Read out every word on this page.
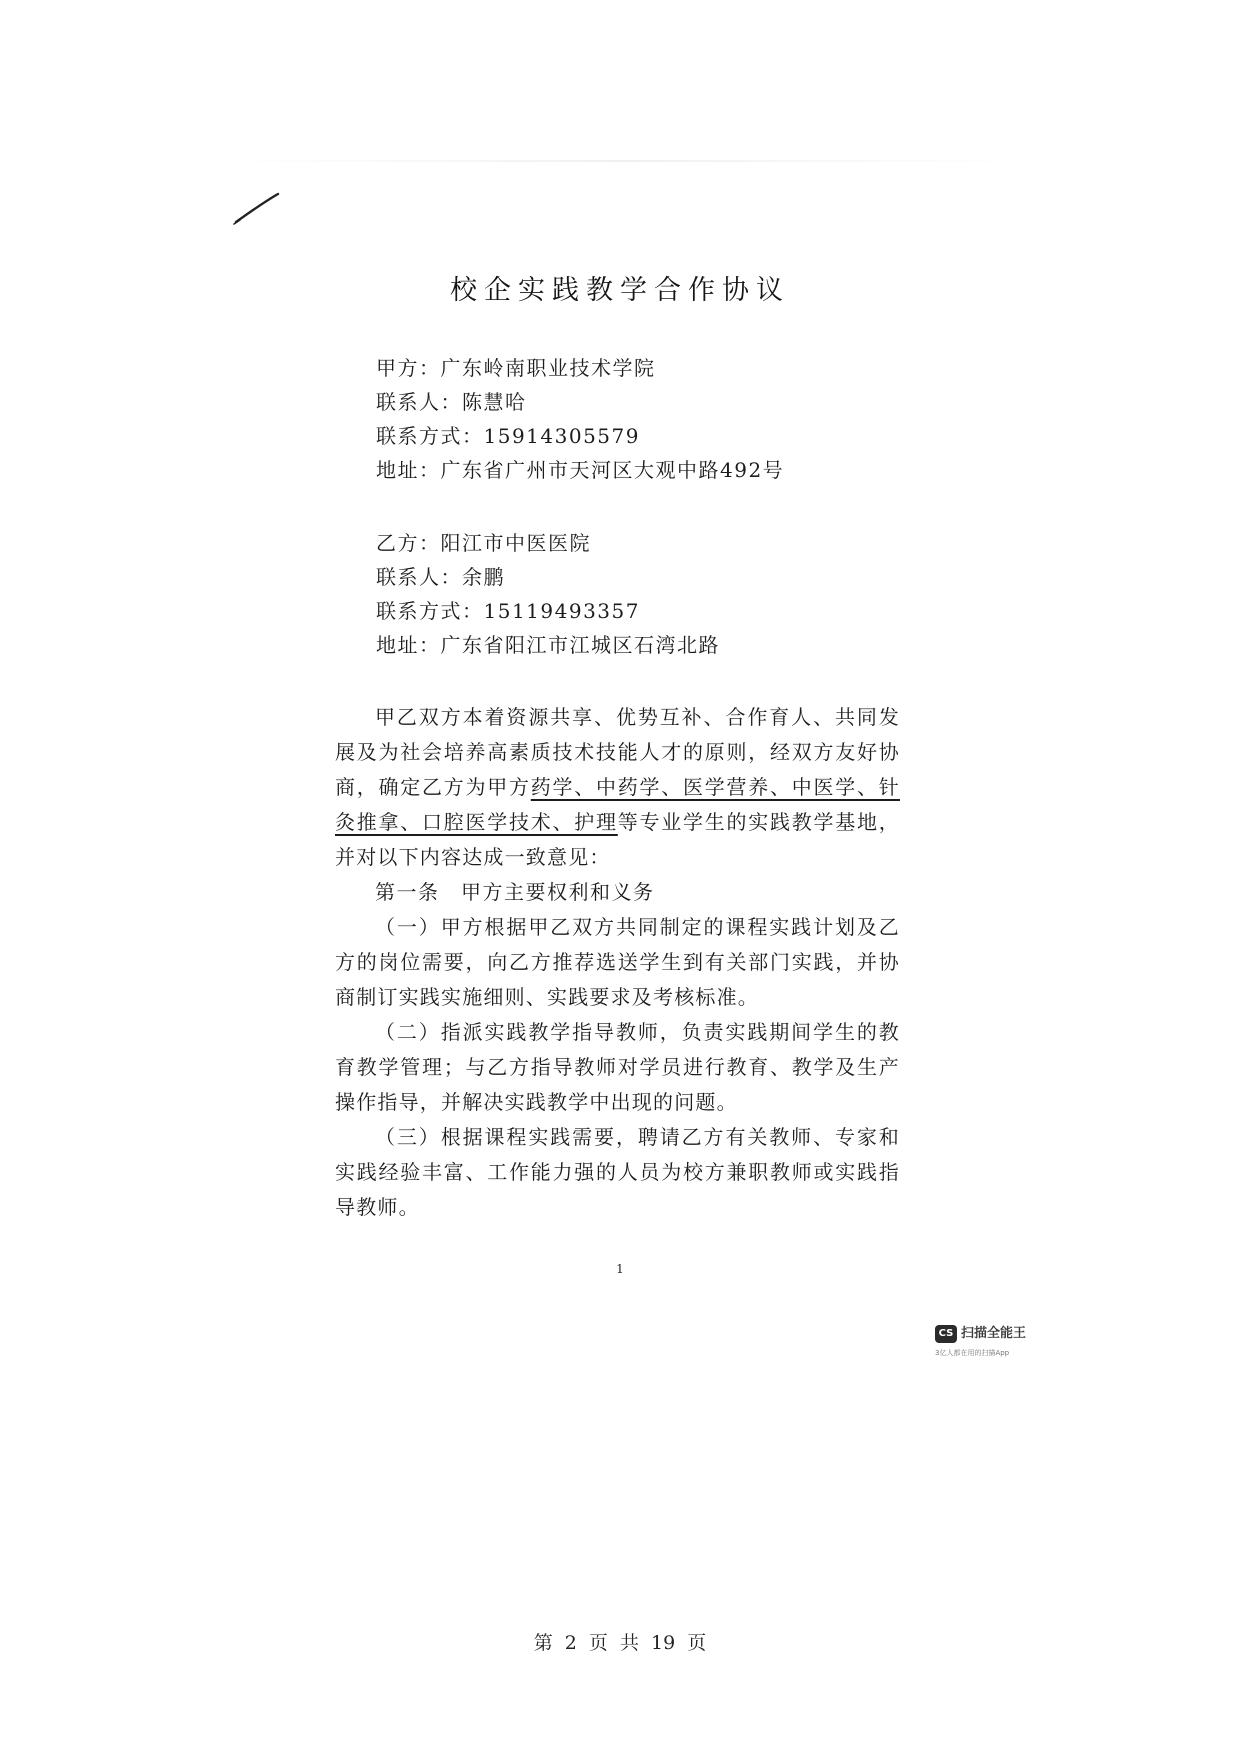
校企实践教学合作协议
甲方：广东岭南职业技术学院
联系人：陈慧哈
联系方式：15914305579
地址：广东省广州市天河区大观中路492号
乙方：阳江市中医医院
联系人：余鹏
联系方式：15119493357
地址：广东省阳江市江城区石湾北路

甲乙双方本着资源共享、优势互补、合作育人、共同发展及为社会培养高素质技术技能人才的原则，经双方友好协商，确定乙方为甲方药学、中药学、医学营养、中医学、针灸推拿、口腔医学技术、护理等专业学生的实践教学基地，并对以下内容达成一致意见：

第一条　甲方主要权利和义务

（一）甲方根据甲乙双方共同制定的课程实践计划及乙方的岗位需要，向乙方推荐选送学生到有关部门实践，并协商制订实践实施细则、实践要求及考核标准。

（二）指派实践教学指导教师，负责实践期间学生的教育教学管理；与乙方指导教师对学员进行教育、教学及生产操作指导，并解决实践教学中出现的问题。

（三）根据课程实践需要，聘请乙方有关教师、专家和实践经验丰富、工作能力强的人员为校方兼职教师或实践指导教师。

1
CS 扫描全能王
3亿人都在用的扫描App
第 2 页 共 19 页
